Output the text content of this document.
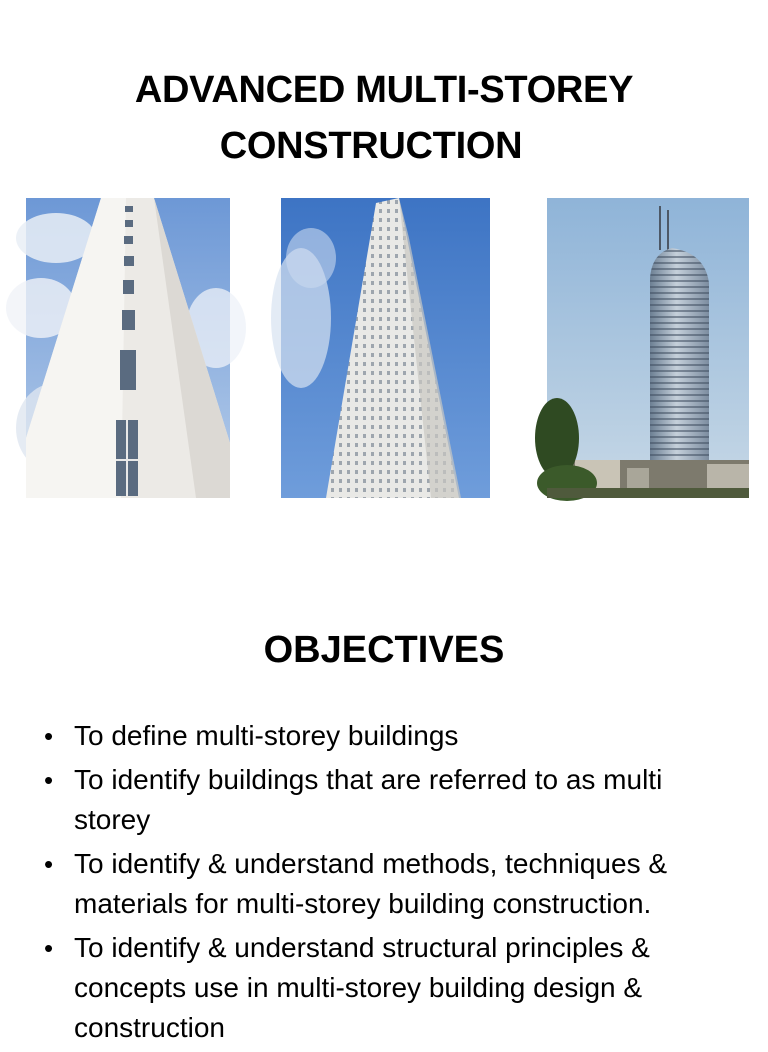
ADVANCED MULTI-STOREY
CONSTRUCTION
OBJECTIVES
• To define multi-storey buildings
• To identify buildings that are referred to as multi storey
• To identify & understand methods, techniques & materials for multi-storey building construction.
• To identify & understand structural principles & concepts use in multi-storey building design & construction
